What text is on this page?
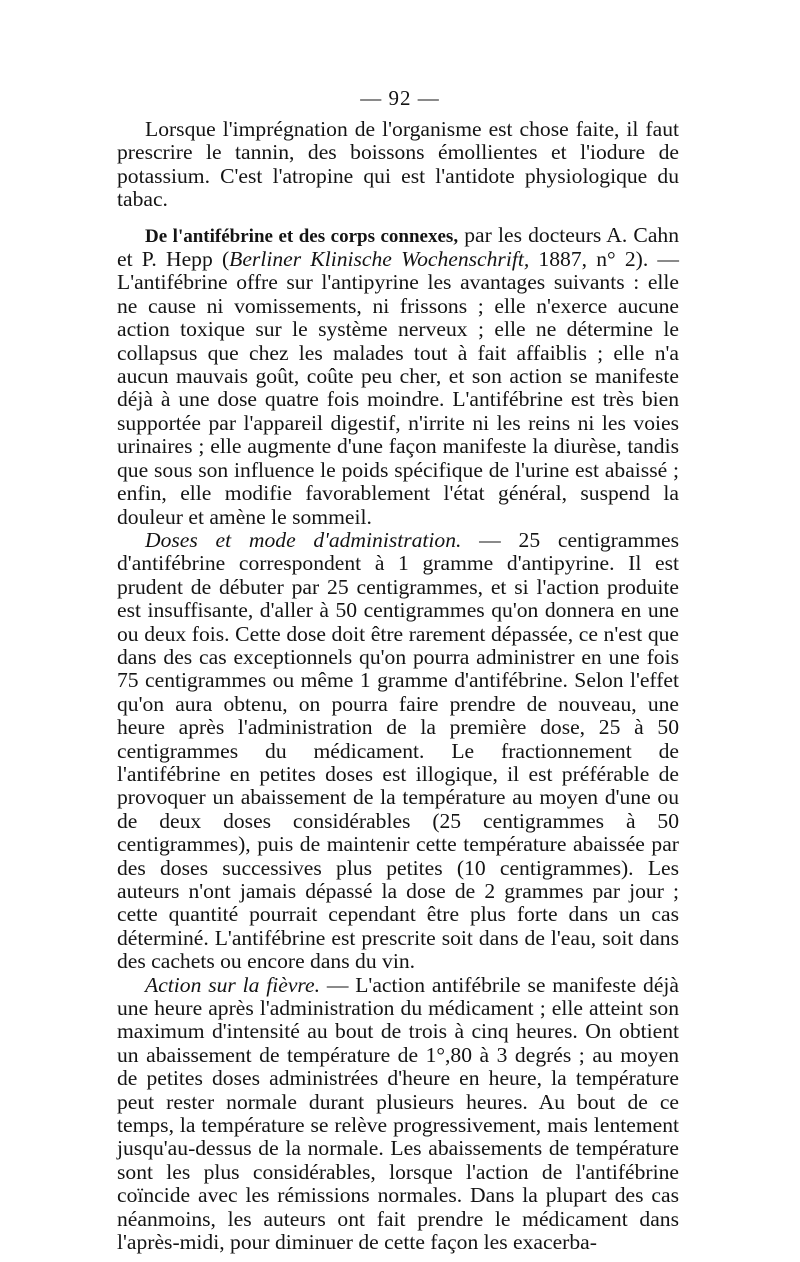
— 92 —

Lorsque l'imprégnation de l'organisme est chose faite, il faut prescrire le tannin, des boissons émollientes et l'iodure de potassium. C'est l'atropine qui est l'antidote physiologique du tabac.

De l'antifébrine et des corps connexes, par les docteurs A. Cahn et P. Hepp (Berliner Klinische Wochenschrift, 1887, n° 2). — L'antifébrine offre sur l'antipyrine les avantages suivants : elle ne cause ni vomissements, ni frissons ; elle n'exerce aucune action toxique sur le système nerveux ; elle ne détermine le collapsus que chez les malades tout à fait affaiblis ; elle n'a aucun mauvais goût, coûte peu cher, et son action se manifeste déjà à une dose quatre fois moindre. L'antifébrine est très bien supportée par l'appareil digestif, n'irrite ni les reins ni les voies urinaires ; elle augmente d'une façon manifeste la diurèse, tandis que sous son influence le poids spécifique de l'urine est abaissé ; enfin, elle modifie favorablement l'état général, suspend la douleur et amène le sommeil.

Doses et mode d'administration. — 25 centigrammes d'antifébrine correspondent à 1 gramme d'antipyrine. Il est prudent de débuter par 25 centigrammes, et si l'action produite est insuffisante, d'aller à 50 centigrammes qu'on donnera en une ou deux fois. Cette dose doit être rarement dépassée, ce n'est que dans des cas exceptionnels qu'on pourra administrer en une fois 75 centigrammes ou même 1 gramme d'antifébrine. Selon l'effet qu'on aura obtenu, on pourra faire prendre de nouveau, une heure après l'administration de la première dose, 25 à 50 centigrammes du médicament. Le fractionnement de l'antifébrine en petites doses est illogique, il est préférable de provoquer un abaissement de la température au moyen d'une ou de deux doses considérables (25 centigrammes à 50 centigrammes), puis de maintenir cette température abaissée par des doses successives plus petites (10 centigrammes). Les auteurs n'ont jamais dépassé la dose de 2 grammes par jour ; cette quantité pourrait cependant être plus forte dans un cas déterminé. L'antifébrine est prescrite soit dans de l'eau, soit dans des cachets ou encore dans du vin.

Action sur la fièvre. — L'action antifébrile se manifeste déjà une heure après l'administration du médicament ; elle atteint son maximum d'intensité au bout de trois à cinq heures. On obtient un abaissement de température de 1°,80 à 3 degrés ; au moyen de petites doses administrées d'heure en heure, la température peut rester normale durant plusieurs heures. Au bout de ce temps, la température se relève progressivement, mais lentement jusqu'au-dessus de la normale. Les abaissements de température sont les plus considérables, lorsque l'action de l'antifébrine coïncide avec les rémissions normales. Dans la plupart des cas néanmoins, les auteurs ont fait prendre le médicament dans l'après-midi, pour diminuer de cette façon les exacerba-
